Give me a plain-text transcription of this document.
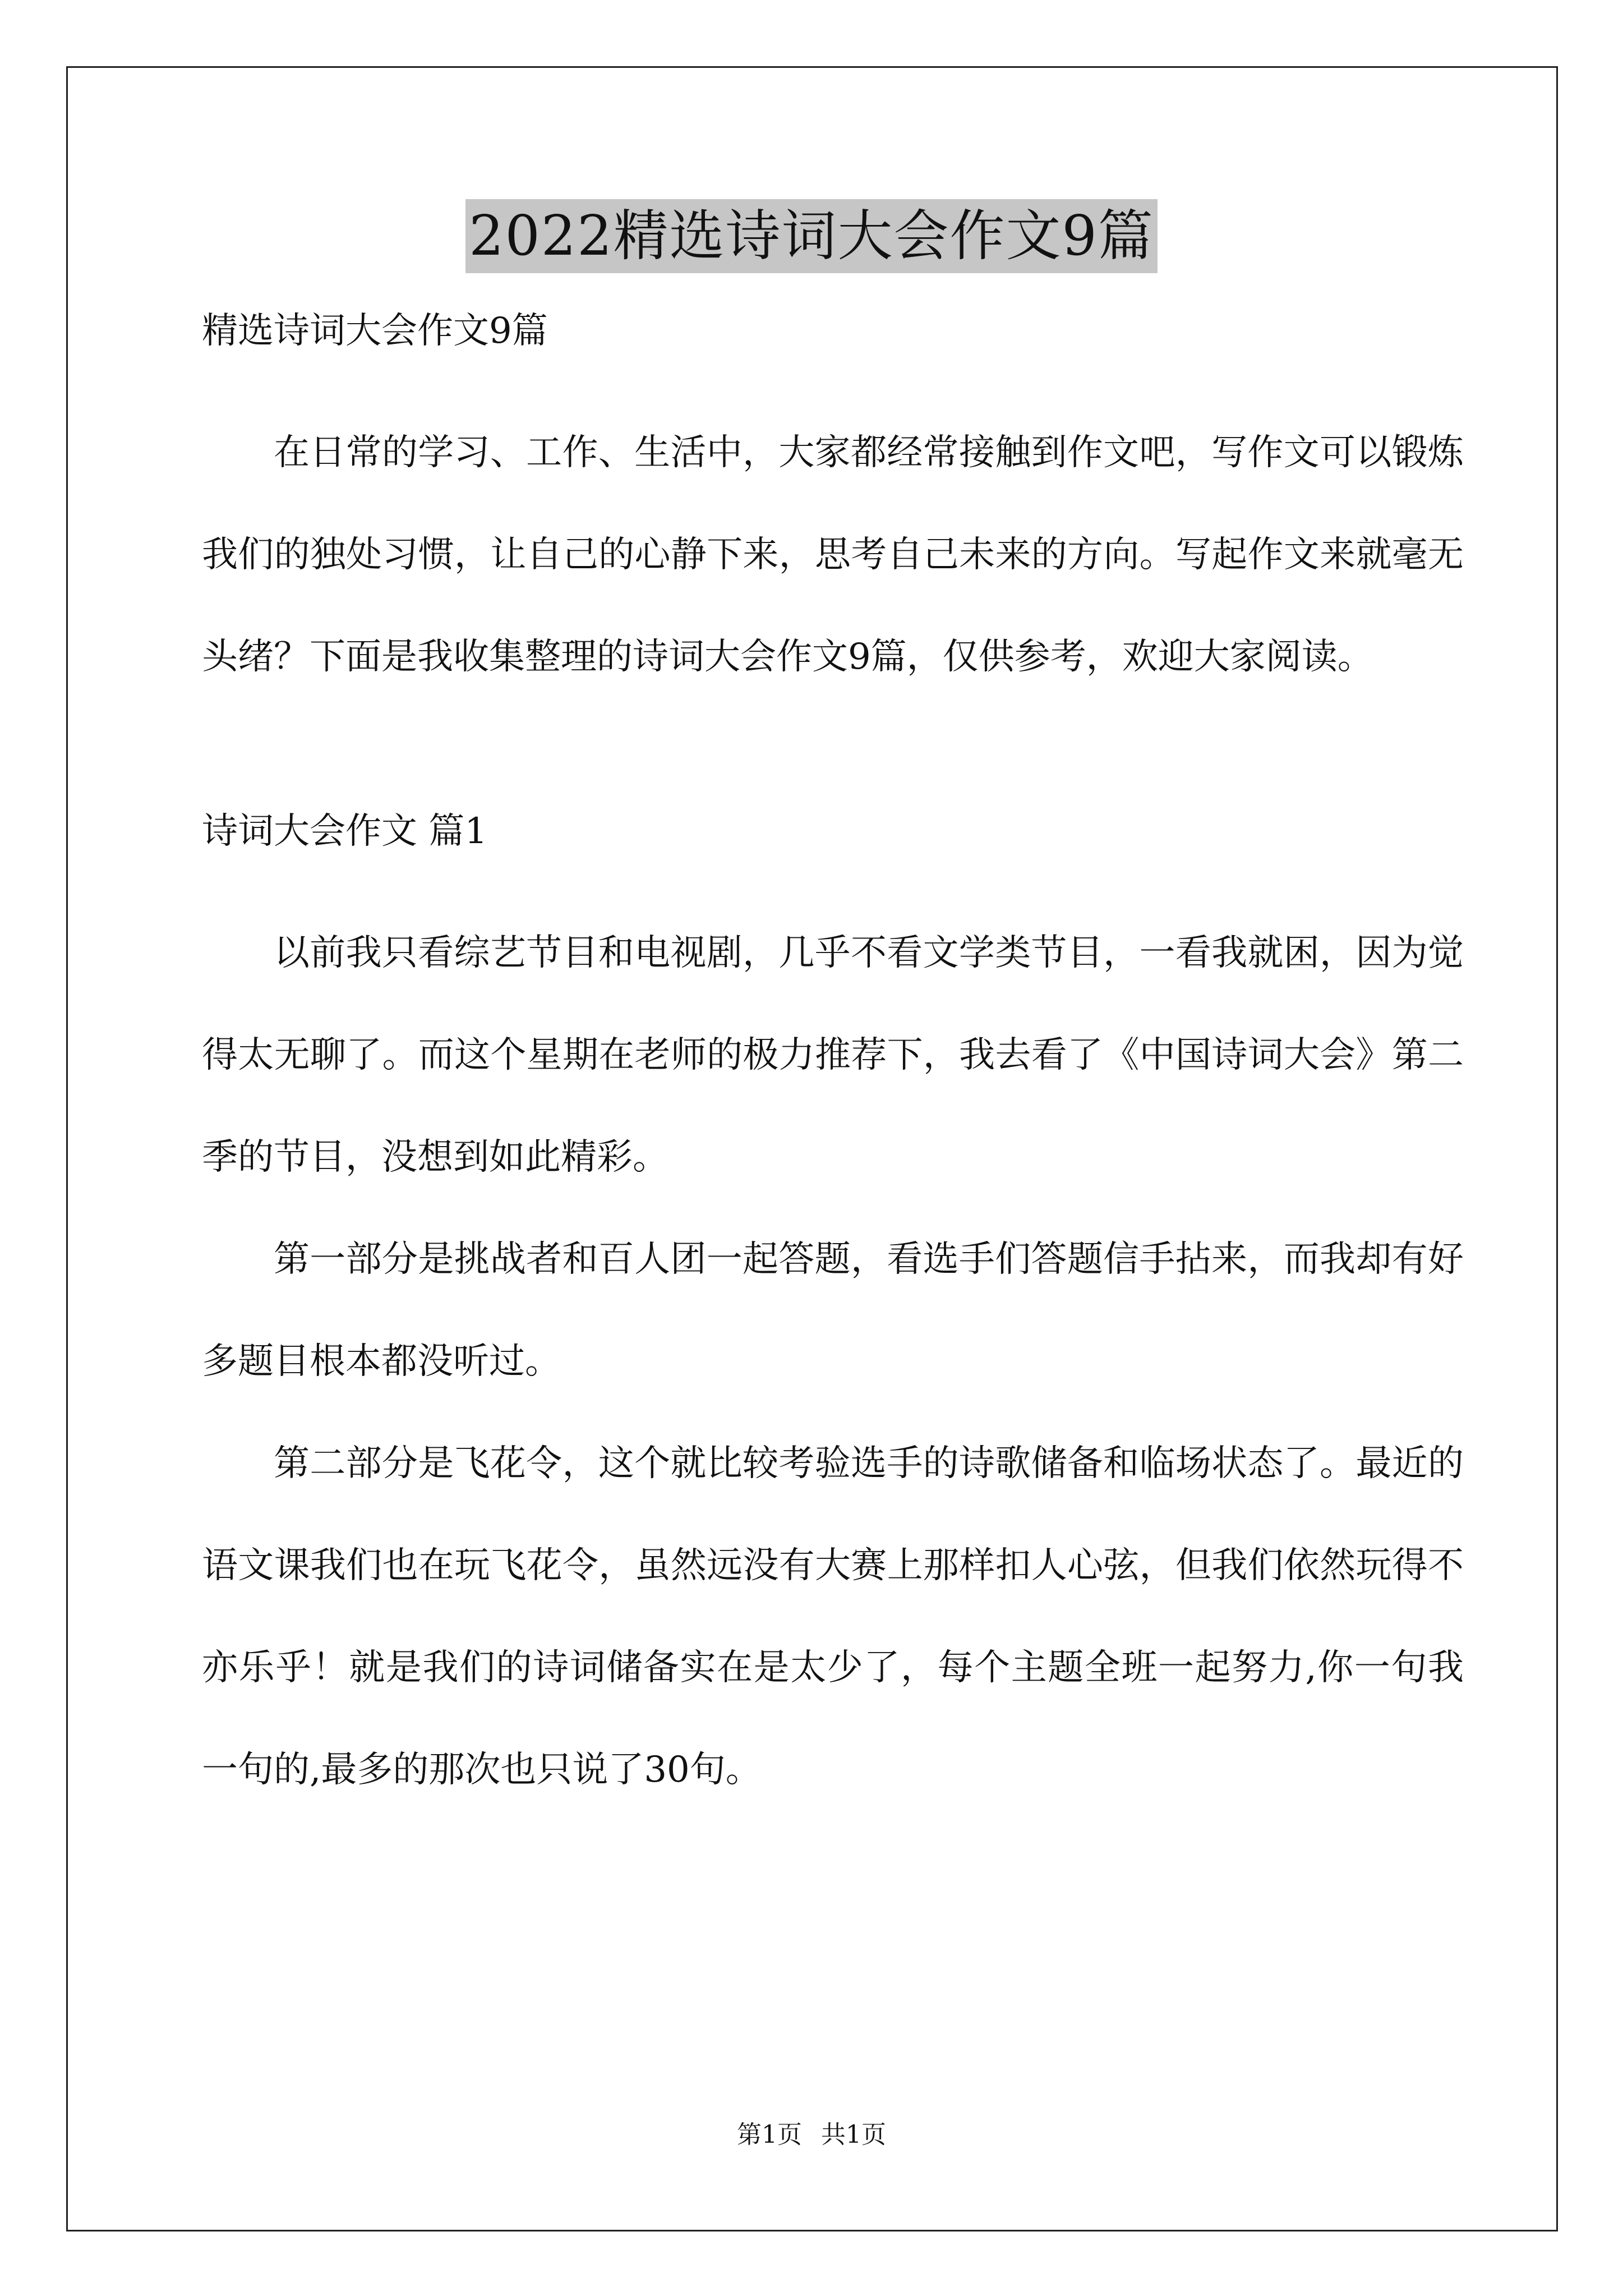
2022精选诗词大会作文9篇

精选诗词大会作文9篇

在日常的学习、工作、生活中，大家都经常接触到作文吧，写作文可以锻炼我们的独处习惯，让自己的心静下来，思考自己未来的方向。写起作文来就毫无头绪？下面是我收集整理的诗词大会作文9篇，仅供参考，欢迎大家阅读。

诗词大会作文 篇1

以前我只看综艺节目和电视剧，几乎不看文学类节目，一看我就困，因为觉得太无聊了。而这个星期在老师的极力推荐下，我去看了《中国诗词大会》第二季的节目，没想到如此精彩。

第一部分是挑战者和百人团一起答题，看选手们答题信手拈来，而我却有好多题目根本都没听过。

第二部分是飞花令，这个就比较考验选手的诗歌储备和临场状态了。最近的语文课我们也在玩飞花令，虽然远没有大赛上那样扣人心弦，但我们依然玩得不亦乐乎！就是我们的诗词储备实在是太少了，每个主题全班一起努力,你一句我一句的,最多的那次也只说了30句。

第1页 共1页
